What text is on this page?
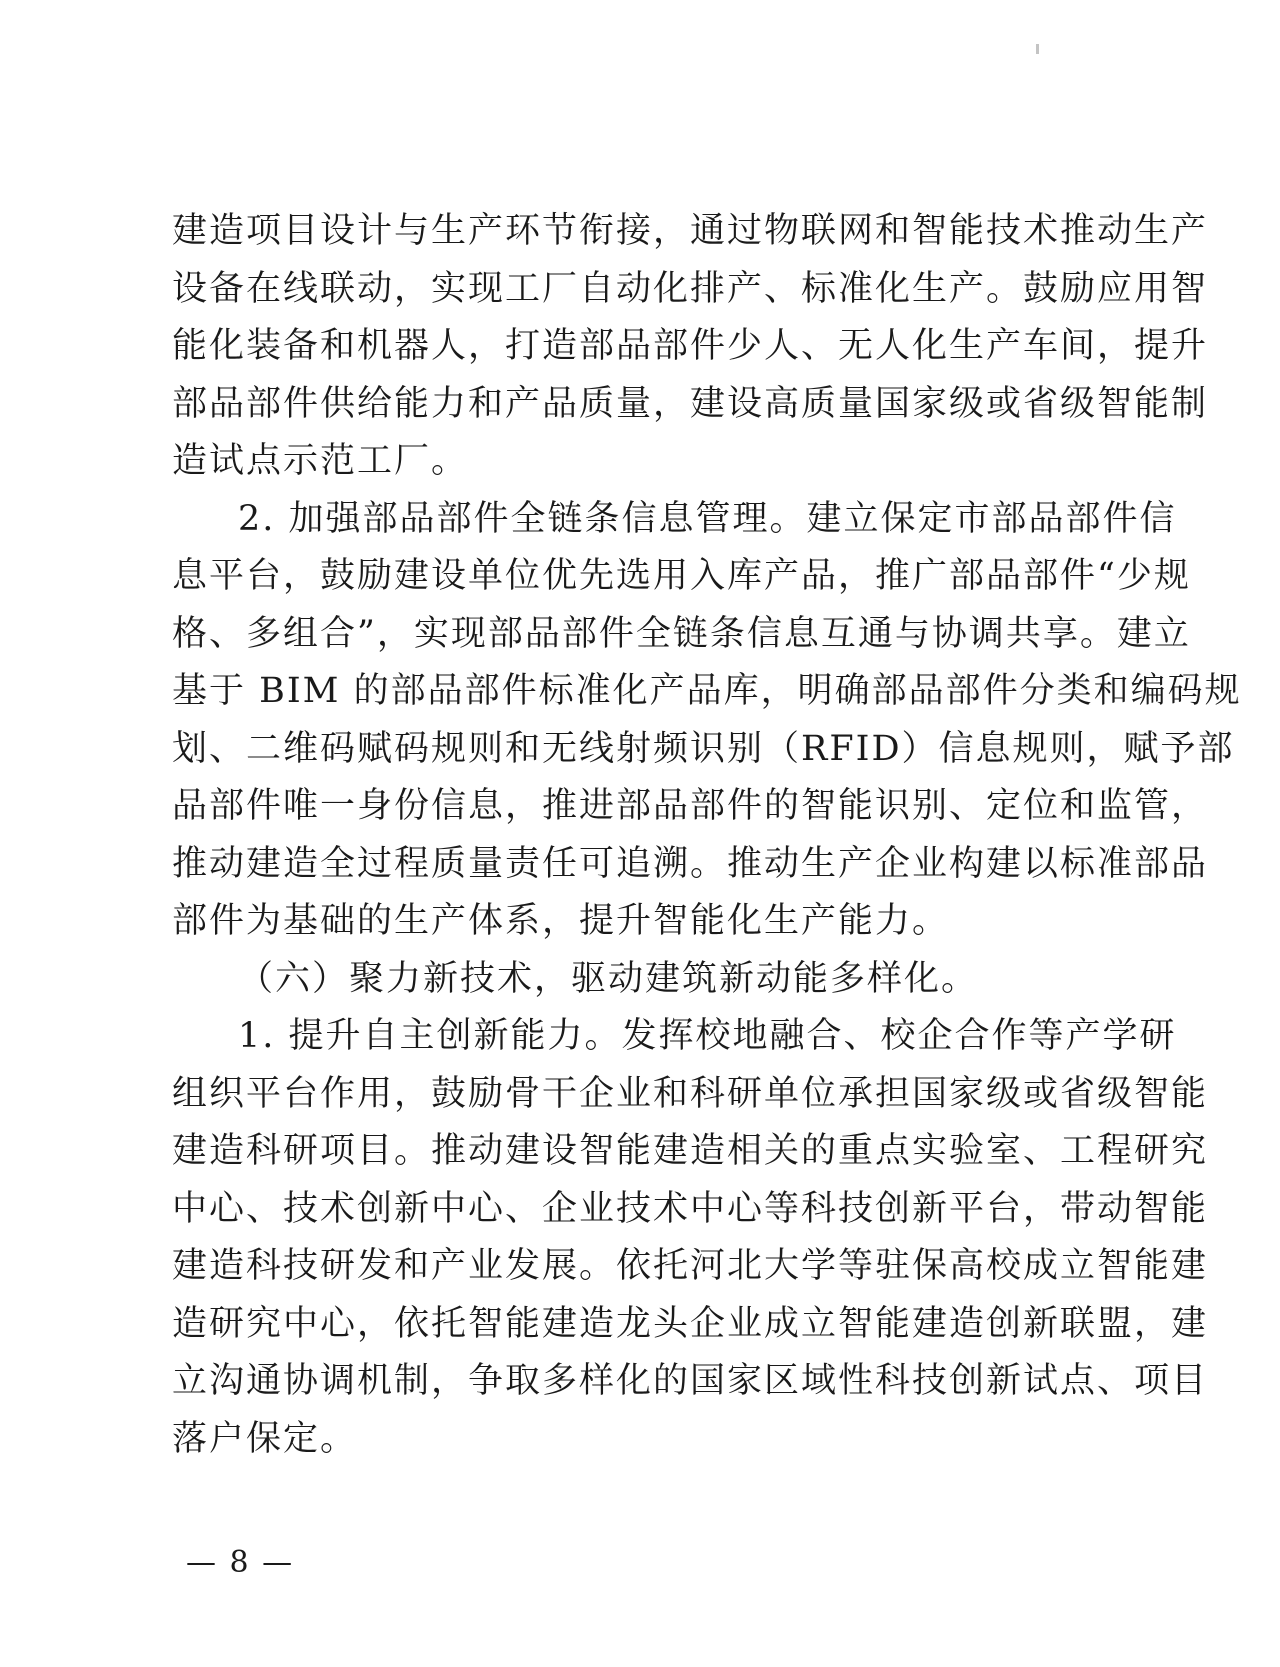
建造项目设计与生产环节衔接，通过物联网和智能技术推动生产
设备在线联动，实现工厂自动化排产、标准化生产。鼓励应用智
能化装备和机器人，打造部品部件少人、无人化生产车间，提升
部品部件供给能力和产品质量，建设高质量国家级或省级智能制
造试点示范工厂。
2. 加强部品部件全链条信息管理。建立保定市部品部件信
息平台，鼓励建设单位优先选用入库产品，推广部品部件“少规
格、多组合”，实现部品部件全链条信息互通与协调共享。建立
基于 BIM 的部品部件标准化产品库，明确部品部件分类和编码规
划、二维码赋码规则和无线射频识别（RFID）信息规则，赋予部
品部件唯一身份信息，推进部品部件的智能识别、定位和监管，
推动建造全过程质量责任可追溯。推动生产企业构建以标准部品
部件为基础的生产体系，提升智能化生产能力。
（六）聚力新技术，驱动建筑新动能多样化。
1. 提升自主创新能力。发挥校地融合、校企合作等产学研
组织平台作用，鼓励骨干企业和科研单位承担国家级或省级智能
建造科研项目。推动建设智能建造相关的重点实验室、工程研究
中心、技术创新中心、企业技术中心等科技创新平台，带动智能
建造科技研发和产业发展。依托河北大学等驻保高校成立智能建
造研究中心，依托智能建造龙头企业成立智能建造创新联盟，建
立沟通协调机制，争取多样化的国家区域性科技创新试点、项目
落户保定。
— 8 —
